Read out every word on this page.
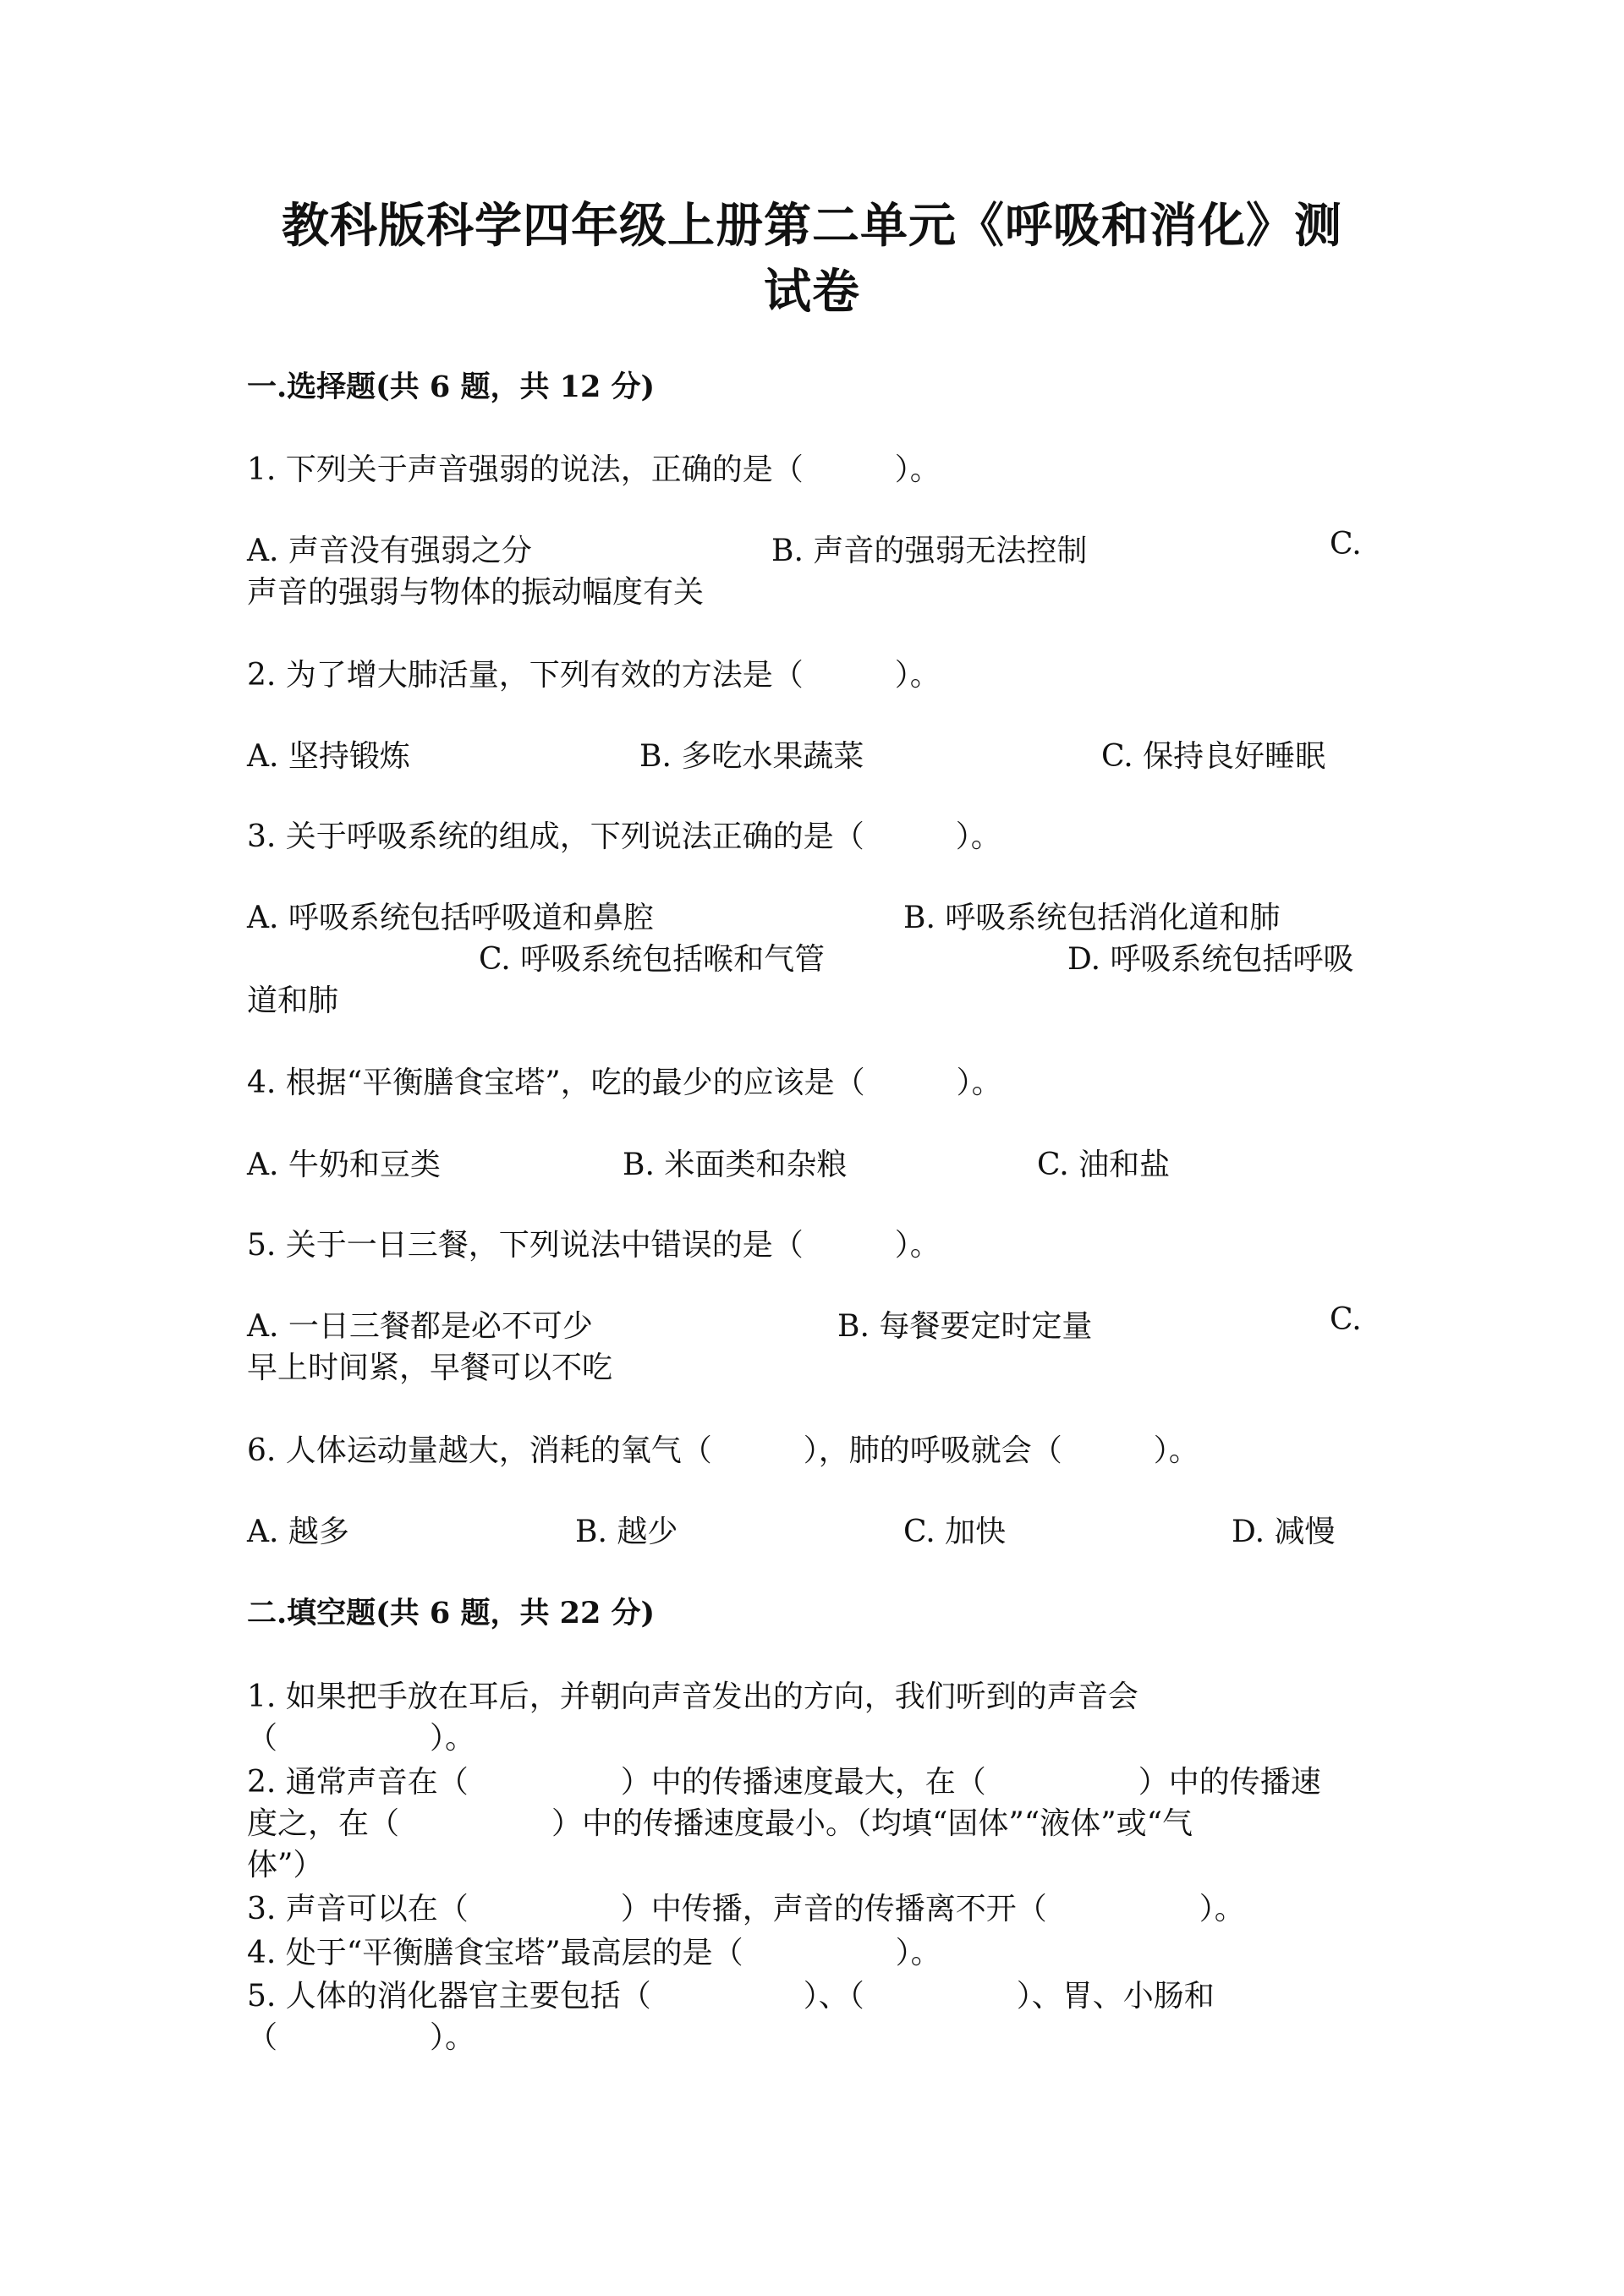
教科版科学四年级上册第二单元《呼吸和消化》测
试卷
一.选择题(共 6 题，共 12 分)
1. 下列关于声音强弱的说法，正确的是（　　　）。
A. 声音没有强弱之分	B. 声音的强弱无法控制	C.
声音的强弱与物体的振动幅度有关
2. 为了增大肺活量，下列有效的方法是（　　　）。
A. 坚持锻炼	B. 多吃水果蔬菜	C. 保持良好睡眠
3. 关于呼吸系统的组成，下列说法正确的是（　　　）。
A. 呼吸系统包括呼吸道和鼻腔	B. 呼吸系统包括消化道和肺
C. 呼吸系统包括喉和气管	D. 呼吸系统包括呼吸
道和肺
4. 根据“平衡膳食宝塔”，吃的最少的应该是（　　　）。
A. 牛奶和豆类	B. 米面类和杂粮	C. 油和盐
5. 关于一日三餐，下列说法中错误的是（　　　）。
A. 一日三餐都是必不可少	B. 每餐要定时定量	C.
早上时间紧，早餐可以不吃
6. 人体运动量越大，消耗的氧气（　　　），肺的呼吸就会（　　　）。
A. 越多	B. 越少	C. 加快	D. 减慢
二.填空题(共 6 题，共 22 分)
1. 如果把手放在耳后，并朝向声音发出的方向，我们听到的声音会
（　　　　　）。
2. 通常声音在（　　　　　）中的传播速度最大，在（　　　　　）中的传播速
度之，在（　　　　　）中的传播速度最小。（均填“固体”“液体”或“气
体”）
3. 声音可以在（　　　　　）中传播，声音的传播离不开（　　　　　）。
4. 处于“平衡膳食宝塔”最高层的是（　　　　　）。
5. 人体的消化器官主要包括（　　　　　）、（　　　　　）、胃、小肠和
（　　　　　）。
